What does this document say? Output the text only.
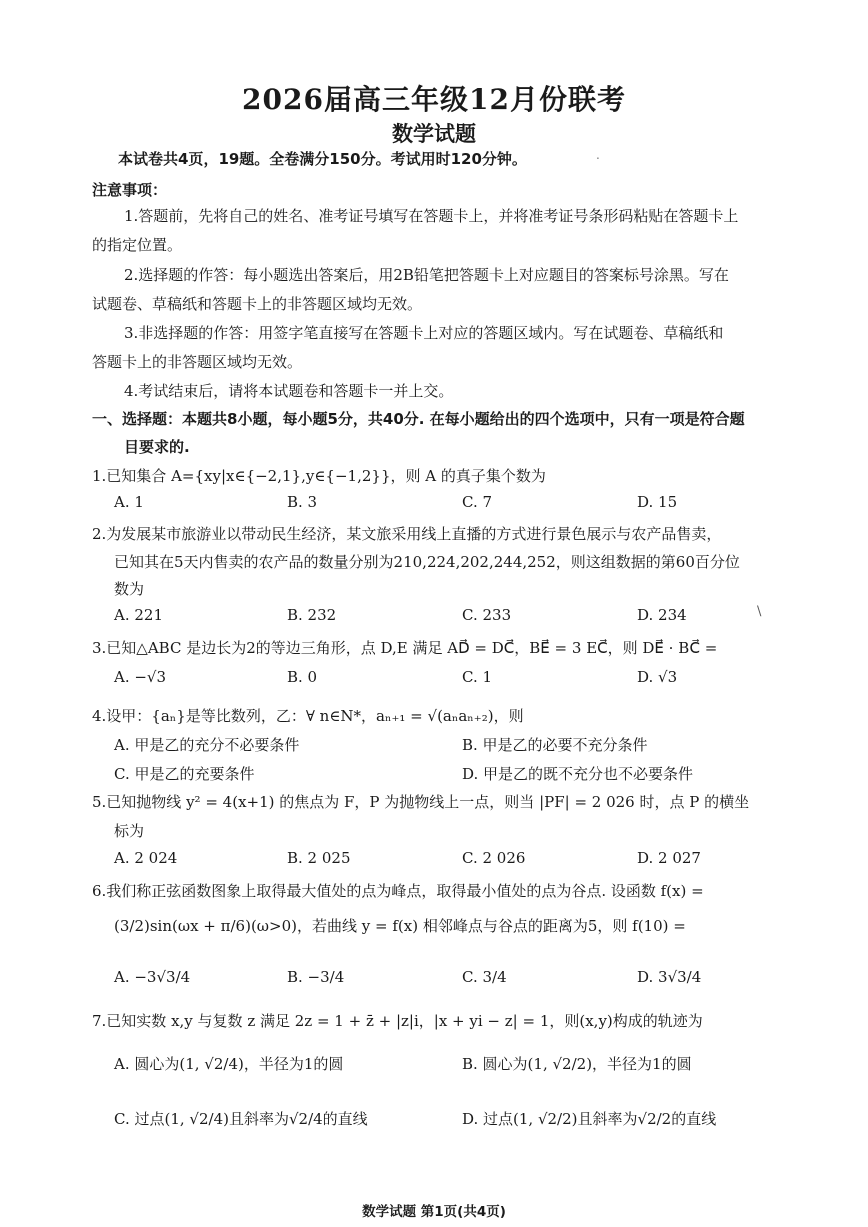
2026届高三年级12月份联考
数学试题
本试卷共4页，19题。全卷满分150分。考试用时120分钟。	.
注意事项：
1.答题前，先将自己的姓名、准考证号填写在答题卡上，并将准考证号条形码粘贴在答题卡上
的指定位置。
2.选择题的作答：每小题选出答案后，用2B铅笔把答题卡上对应题目的答案标号涂黑。写在
试题卷、草稿纸和答题卡上的非答题区域均无效。
3.非选择题的作答：用签字笔直接写在答题卡上对应的答题区域内。写在试题卷、草稿纸和
答题卡上的非答题区域均无效。
4.考试结束后，请将本试题卷和答题卡一并上交。
一、选择题：本题共8小题，每小题5分，共40分. 在每小题给出的四个选项中，只有一项是符合题
目要求的.
1.已知集合 A={xy|x∈{−2,1},y∈{−1,2}}，则 A 的真子集个数为
A. 1	B. 3	C. 7	D. 15
2.为发展某市旅游业以带动民生经济，某文旅采用线上直播的方式进行景色展示与农产品售卖，
已知其在5天内售卖的农产品的数量分别为210,224,202,244,252，则这组数据的第60百分位
数为
A. 221	B. 232	C. 233	D. 234	\
3.已知△ABC 是边长为2的等边三角形，点 D,E 满足 AD⃗ = DC⃗，BE⃗ = 3 EC⃗，则 DE⃗ · BC⃗ =
A. −√3	B. 0	C. 1	D. √3
4.设甲：{aₙ}是等比数列，乙：∀ n∈N*，aₙ₊₁ = √(aₙaₙ₊₂)，则
A. 甲是乙的充分不必要条件	B. 甲是乙的必要不充分条件
C. 甲是乙的充要条件	D. 甲是乙的既不充分也不必要条件
5.已知抛物线 y² = 4(x+1) 的焦点为 F，P 为抛物线上一点，则当 |PF| = 2 026 时，点 P 的横坐
标为
A. 2 024	B. 2 025	C. 2 026	D. 2 027
6.我们称正弦函数图象上取得最大值处的点为峰点，取得最小值处的点为谷点. 设函数 f(x) =
(3/2)sin(ωx + π/6)(ω>0)，若曲线 y = f(x) 相邻峰点与谷点的距离为5，则 f(10) =
A. −3√3/4	B. −3/4	C. 3/4	D. 3√3/4
7.已知实数 x,y 与复数 z 满足 2z = 1 + z̄ + |z|i，|x + yi − z| = 1，则(x,y)构成的轨迹为
A. 圆心为(1, √2/4)，半径为1的圆	B. 圆心为(1, √2/2)，半径为1的圆
C. 过点(1, √2/4)且斜率为√2/4的直线	D. 过点(1, √2/2)且斜率为√2/2的直线
数学试题 第1页(共4页)
